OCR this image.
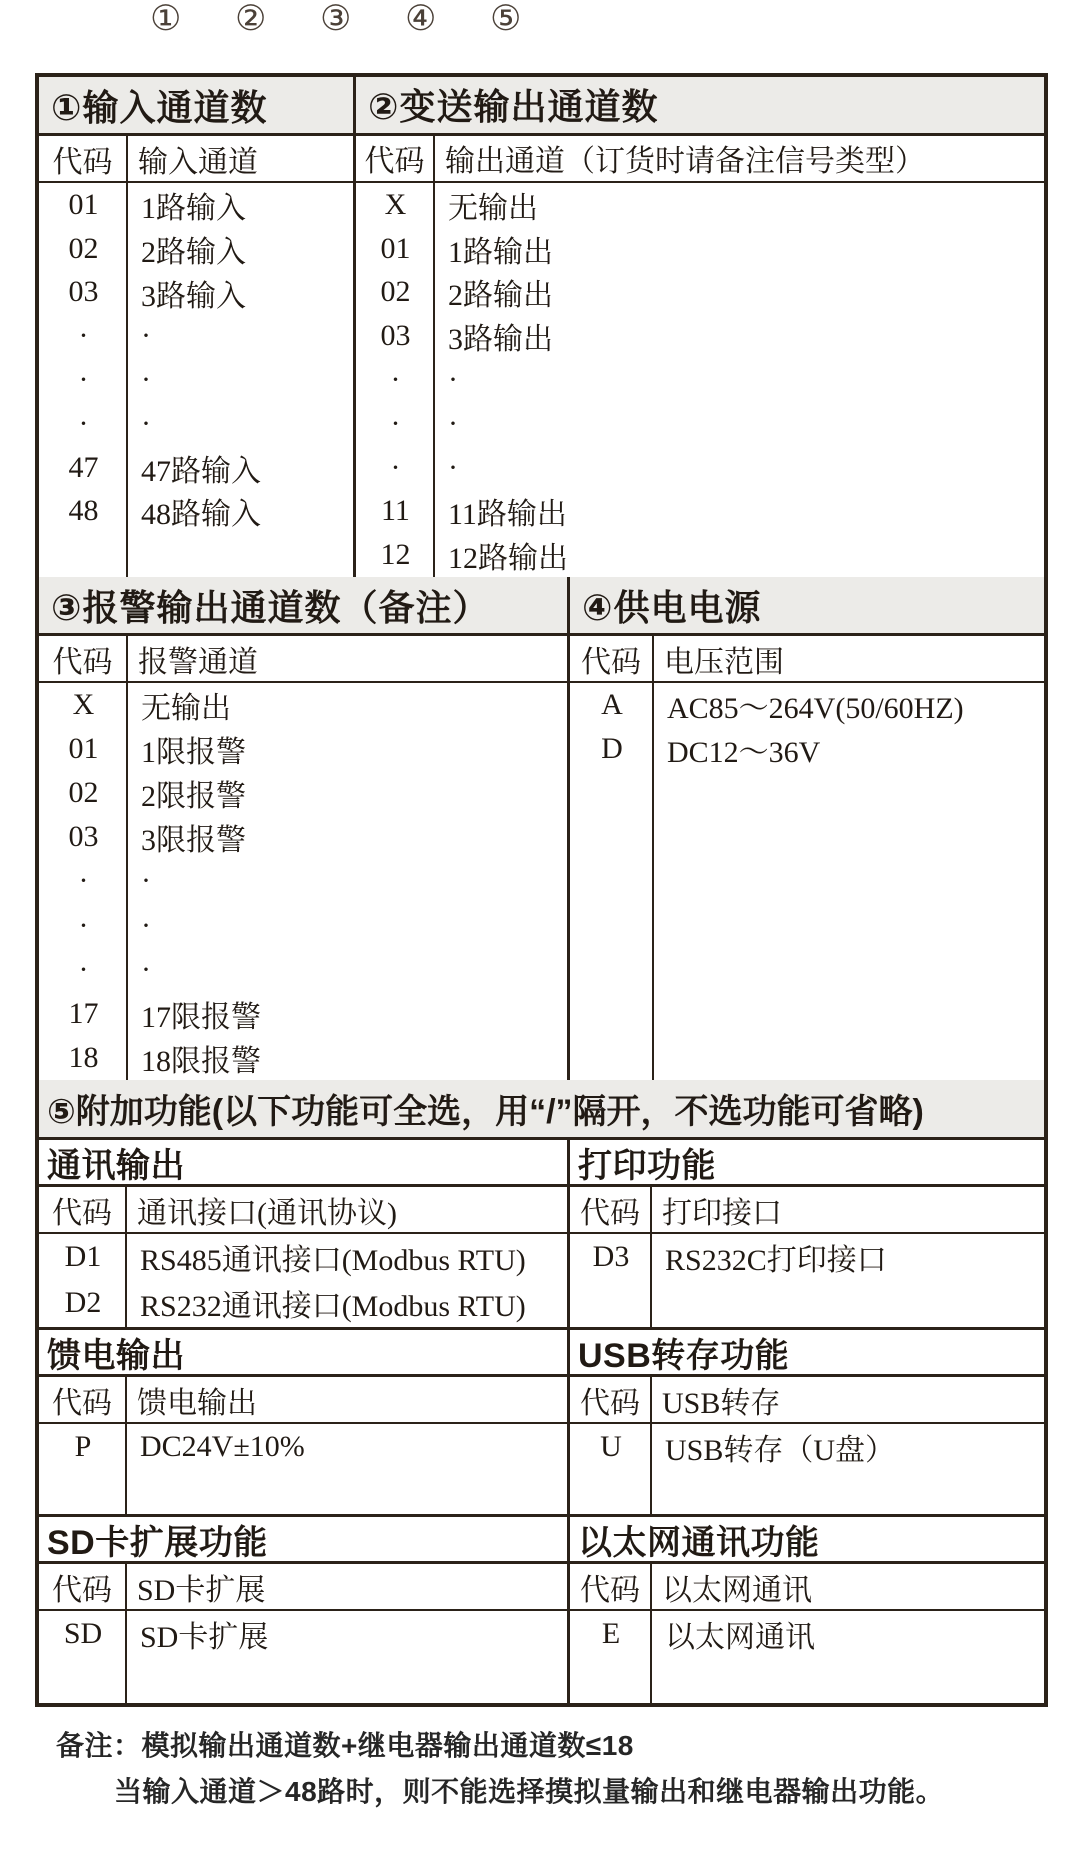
① ② ③ ④ ⑤
①输入通道数
代码 输入通道
01	1路输入
02	2路输入
03	3路输入
·	·
·	·
·	·
47	47路输入
48	48路输入
②变送输出通道数
代码 输出通道（订货时请备注信号类型）
X	无输出
01	1路输出
02	2路输出
03	3路输出
·	·
·	·
·	·
11	11路输出
12	12路输出
③报警输出通道数（备注）
代码 报警通道
X	无输出
01	1限报警
02	2限报警
03	3限报警
·	·
·	·
·	·
17	17限报警
18	18限报警
④供电电源
代码 电压范围
A	AC85～264V(50/60HZ)
D	DC12～36V
⑤附加功能(以下功能可全选，用“/”隔开，不选功能可省略)
通讯输出
代码 通讯接口(通讯协议)
D1	RS485通讯接口(Modbus RTU)
D2	RS232通讯接口(Modbus RTU)
打印功能
代码 打印接口
D3	RS232C打印接口
馈电输出
代码 馈电输出
P	DC24V±10%
USB转存功能
代码 USB转存
U	USB转存（U盘）
SD卡扩展功能
代码 SD卡扩展
SD	SD卡扩展
以太网通讯功能
代码 以太网通讯
E	以太网通讯
备注： 模拟输出通道数+继电器输出通道数≤18
当输入通道＞48路时，则不能选择摸拟量输出和继电器输出功能。
